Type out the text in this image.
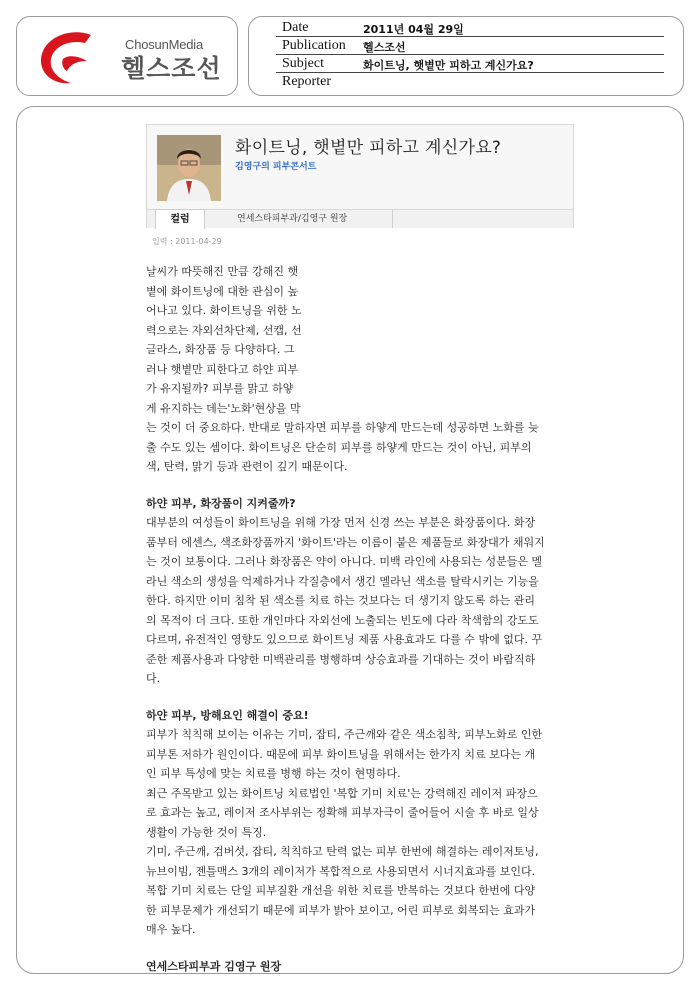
ChosunMedia
헬스조선
Date	2011년 04월 29일
Publication 헬스조선
Subject	화이트닝, 햇볕만 피하고 계신가요?
Reporter
화이트닝, 햇볕만 피하고 계신가요?
김영구의 피부콘서트
컬럼	연세스타피부과/김영구 원장
입력 : 2011-04-29

날씨가 따뜻해진 만큼 강해진 햇

볕에 화이트닝에 대한 관심이 높

어나고 있다. 화이트닝을 위한 노

력으로는 자외선차단제, 선캡, 선

글라스, 화장품 등 다양하다. 그

러나 햇볕만 피한다고 하얀 피부

가 유지될까? 피부를 맑고 하얗

게 유지하는 데는'노화'현상을 막

는 것이 더 중요하다. 반대로 말하자면 피부를 하얗게 만드는데 성공하면 노화를 늦

출 수도 있는 셈이다. 화이트닝은 단순히 피부를 하얗게 만드는 것이 아닌, 피부의

색, 탄력, 맑기 등과 관련이 깊기 때문이다.

하얀 피부, 화장품이 지켜줄까?

대부분의 여성들이 화이트닝을 위해 가장 먼저 신경 쓰는 부분은 화장품이다. 화장

품부터 에센스, 색조화장품까지 '화이트'라는 이름이 붙은 제품들로 화장대가 채워지

는 것이 보통이다. 그러나 화장품은 약이 아니다. 미백 라인에 사용되는 성분들은 멜

라닌 색소의 생성을 억제하거나 각질층에서 생긴 멜라닌 색소를 탈락시키는 기능을

한다. 하지만 이미 침착 된 색소를 치료 하는 것보다는 더 생기지 않도록 하는 관리

의 목적이 더 크다. 또한 개인마다 자외선에 노출되는 빈도에 다라 착색함의 강도도

다르며, 유전적인 영향도 있으므로 화이트닝 제품 사용효과도 다를 수 밖에 없다. 꾸

준한 제품사용과 다양한 미백관리를 병행하며 상승효과를 기대하는 것이 바람직하

다.

하얀 피부, 방해요인 해결이 중요!

피부가 칙칙해 보이는 이유는 기미, 잡티, 주근깨와 같은 색소침착, 피부노화로 인한

피부톤 저하가 원인이다. 때문에 피부 화이트닝을 위해서는 한가지 치료 보다는 개

인 피부 특성에 맞는 치료를 병행 하는 것이 현명하다.

최근 주목받고 있는 화이트닝 치료법인 '복합 기미 치료'는 강력해진 레이저 파장으

로 효과는 높고, 레이저 조사부위는 정확해 피부자극이 줄어들어 시술 후 바로 일상

생활이 가능한 것이 특징.

기미, 주근깨, 검버섯, 잡티, 칙칙하고 탄력 없는 피부 한번에 해결하는 레이저토닝,

뉴브이빔, 젠틀맥스 3개의 레이저가 복합적으로 사용되면서 시너지효과를 보인다.

복합 기미 치료는 단일 피부질환 개선을 위한 치료를 반복하는 것보다 한번에 다양

한 피부문제가 개선되기 때문에 피부가 밝아 보이고, 어린 피부로 회복되는 효과가

매우 높다.

연세스타피부과 김영구 원장
